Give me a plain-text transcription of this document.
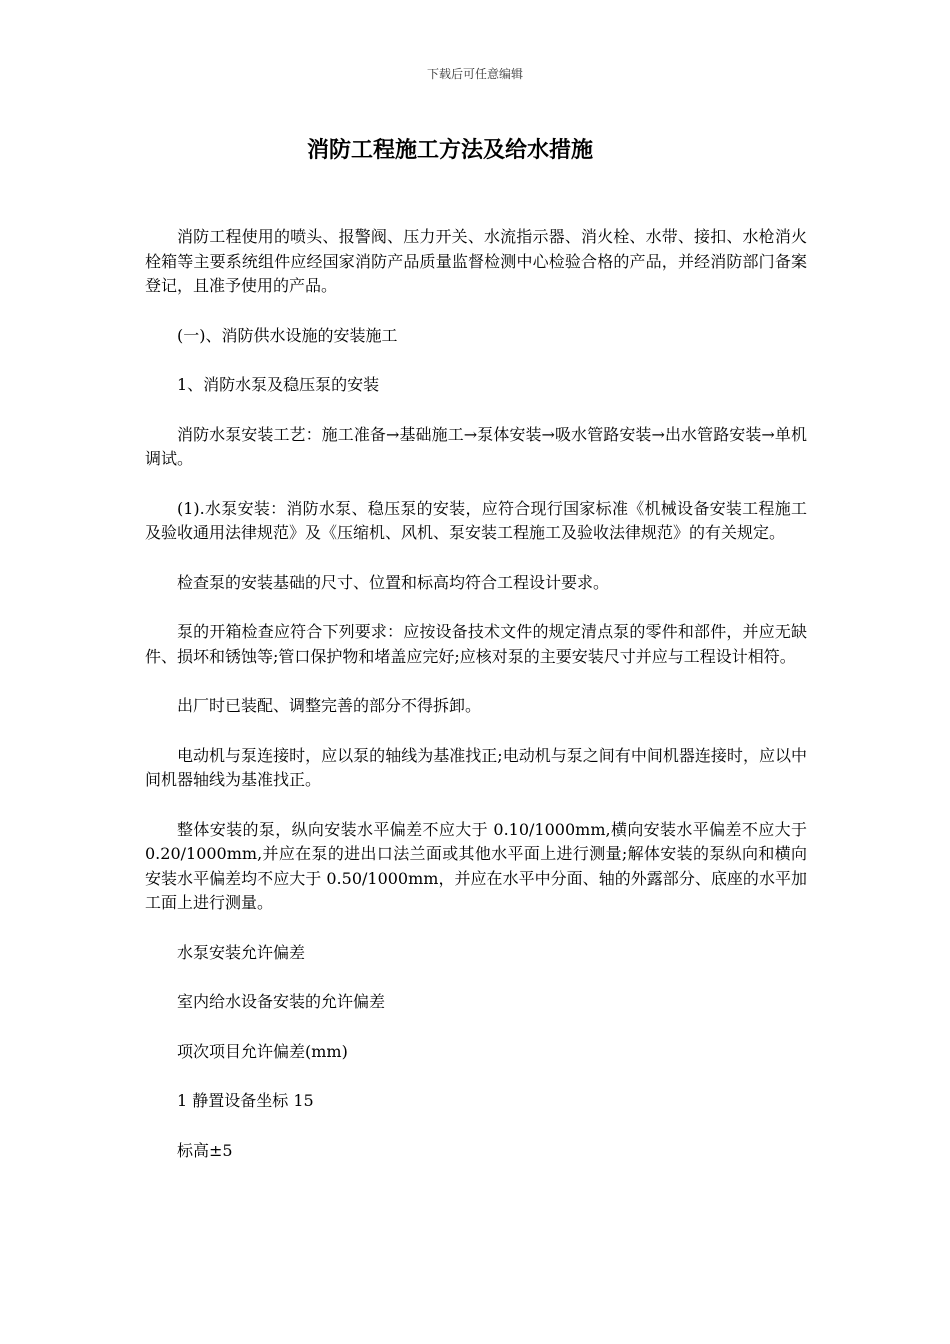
下载后可任意编辑
消防工程施工方法及给水措施

消防工程使用的喷头、报警阀、压力开关、水流指示器、消火栓、水带、接扣、水枪消火栓箱等主要系统组件应经国家消防产品质量监督检测中心检验合格的产品，并经消防部门备案登记，且准予使用的产品。

(一)、消防供水设施的安装施工

1、消防水泵及稳压泵的安装

消防水泵安装工艺：施工准备→基础施工→泵体安装→吸水管路安装→出水管路安装→单机调试。

(1).水泵安装：消防水泵、稳压泵的安装，应符合现行国家标准《机械设备安装工程施工及验收通用法律规范》及《压缩机、风机、泵安装工程施工及验收法律规范》的有关规定。

检查泵的安装基础的尺寸、位置和标高均符合工程设计要求。

泵的开箱检查应符合下列要求：应按设备技术文件的规定清点泵的零件和部件，并应无缺件、损坏和锈蚀等;管口保护物和堵盖应完好;应核对泵的主要安装尺寸并应与工程设计相符。

出厂时已装配、调整完善的部分不得拆卸。

电动机与泵连接时，应以泵的轴线为基准找正;电动机与泵之间有中间机器连接时，应以中间机器轴线为基准找正。

整体安装的泵，纵向安装水平偏差不应大于 0.10/1000mm,横向安装水平偏差不应大于 0.20/1000mm,并应在泵的进出口法兰面或其他水平面上进行测量;解体安装的泵纵向和横向安装水平偏差均不应大于 0.50/1000mm，并应在水平中分面、轴的外露部分、底座的水平加工面上进行测量。

水泵安装允许偏差

室内给水设备安装的允许偏差

项次项目允许偏差(mm)

1 静置设备坐标 15

标高±5
